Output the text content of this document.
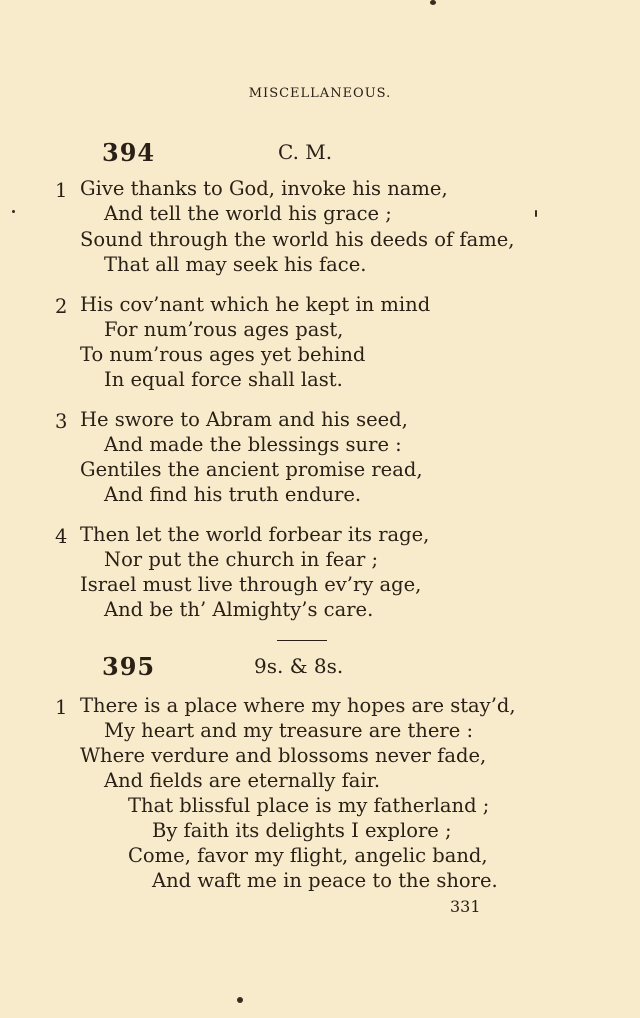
MISCELLANEOUS.
394	C. M.
1 Give thanks to God, invoke his name,
And tell the world his grace ;
Sound through the world his deeds of fame,
That all may seek his face.
2 His cov’nant which he kept in mind
For num’rous ages past,
To num’rous ages yet behind
In equal force shall last.
3 He swore to Abram and his seed,
And made the blessings sure :
Gentiles the ancient promise read,
And find his truth endure.
4 Then let the world forbear its rage,
Nor put the church in fear ;
Israel must live through ev’ry age,
And be th’ Almighty’s care.
395	9s. & 8s.
1 There is a place where my hopes are stay’d,
My heart and my treasure are there :
Where verdure and blossoms never fade,
And fields are eternally fair.
That blissful place is my fatherland ;
By faith its delights I explore ;
Come, favor my flight, angelic band,
And waft me in peace to the shore.
331
